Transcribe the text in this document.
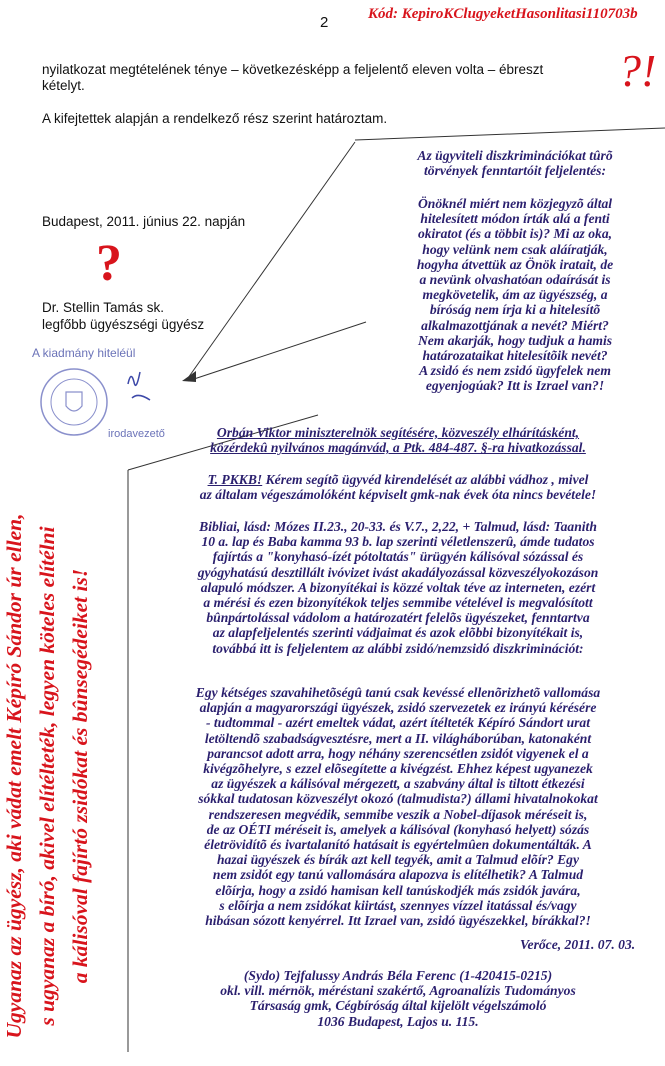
2	Kód: KepiroKClugyeketHasonlitasi110703b
nyilatkozat megtételének ténye – következésképp a feljelentő eleven volta – ébreszt
kételyt.
A kifejtettek alapján a rendelkező rész szerint határoztam.
?!
Budapest, 2011. június 22. napján
?
Dr. Stellin Tamás sk.
legfőbb ügyészségi ügyész
A kiadmány hiteléül
irodavezető

Az ügyviteli diszkriminációkat tûrõ

törvények fenntartóit feljelentés:

Önöknél miért nem közjegyzõ által

hitelesített módon írták alá a fenti

okiratot (és a többit is)? Mi az oka,

hogy velünk nem csak aláíratják,

hogyha átvettük az Önök iratait, de

a nevünk olvashatóan odaírását is

megkövetelik, ám az ügyészség, a

bíróság nem írja ki a hitelesítõ

alkalmazottjának a nevét? Miért?

Nem akarják, hogy tudjuk a hamis

határozataikat hitelesítõik nevét?

A zsidó és nem zsidó ügyfelek nem

egyenjogúak? Itt is Izrael van?!

Orbán Viktor miniszterelnök segítésére, közveszély elhárításként,

közérdekû nyilvános magánvád, a Ptk. 484-487. §-ra hivatkozással.

T. PKKB! Kérem segítõ ügyvéd kirendelését az alábbi vádhoz , mivel

az általam végeszámolóként képviselt gmk-nak évek óta nincs bevétele!

Bibliai, lásd: Mózes II.23., 20-33. és V.7., 2,22, + Talmud, lásd: Taanith

10 a. lap és Baba kamma 93 b. lap szerinti véletlenszerû, ámde tudatos

fajírtás a "konyhasó-ízét pótoltatás" ürügyén kálisóval sózással és

gyógyhatású desztillált ivóvizet ivást akadályozással közveszélyokozáson

alapuló módszer. A bizonyítékai is közzé voltak téve az interneten, ezért

a mérési és ezen bizonyítékok teljes semmibe vételével is megvalósított

bûnpártolással vádolom a határozatért felelõs ügyészeket, fenntartva

az alapfeljelentés szerinti vádjaimat és azok elõbbi bizonyítékait is,

továbbá itt is feljelentem az alábbi zsidó/nemzsidó diszkriminációt:

Egy kétséges szavahihetõségû tanú csak kevéssé ellenõrizhetõ vallomása

alapján a magyarországi ügyészek, zsidó szervezetek ez irányú kérésére

- tudtommal - azért emeltek vádat, azért ítélteték Képíró Sándort urat

letöltendõ szabadságvesztésre, mert a II. világháborúban, katonaként

parancsot adott arra, hogy néhány szerencsétlen zsidót vigyenek el a

kivégzõhelyre, s ezzel elõsegítette a kivégzést. Ehhez képest ugyanezek

az ügyészek a kálisóval mérgezett, a szabvány által is tiltott étkezési

sókkal tudatosan közveszélyt okozó (talmudista?) állami hivatalnokokat

rendszeresen megvédik, semmibe veszik a Nobel-díjasok méréseit is,

de az OÉTI méréseit is, amelyek a kálisóval (konyhasó helyett) sózás

életrövidítõ és ivartalanító hatásait is egyértelmûen dokumentálták. A

hazai ügyészek és bírák azt kell tegyék, amit a Talmud elõír? Egy

nem zsidót egy tanú vallomására alapozva is elítélhetik? A Talmud

elõírja, hogy a zsidó hamisan kell tanúskodjék más zsidók javára,

s elõírja a nem zsidókat kiirtást, szennyes vízzel itatással és/vagy

hibásan sózott kenyérrel. Itt Izrael van, zsidó ügyészekkel, bírákkal?!

Verőce, 2011. 07. 03.

(Sydo) Tejfalussy András Béla Ferenc (1-420415-0215)

okl. vill. mérnök, méréstani szakértő, Agroanalízis Tudományos

Társaság gmk, Cégbíróság által kijelölt végelszámoló

1036 Budapest, Lajos u. 115.

Ugyanaz az ügyész, aki vádat emelt Képíró Sándor úr ellen, s ugyanaz a bíró, akivel elítélteték, legyen köteles elítélni a kálisóval fajírtó zsidókat és bûnsegédeiket is!
